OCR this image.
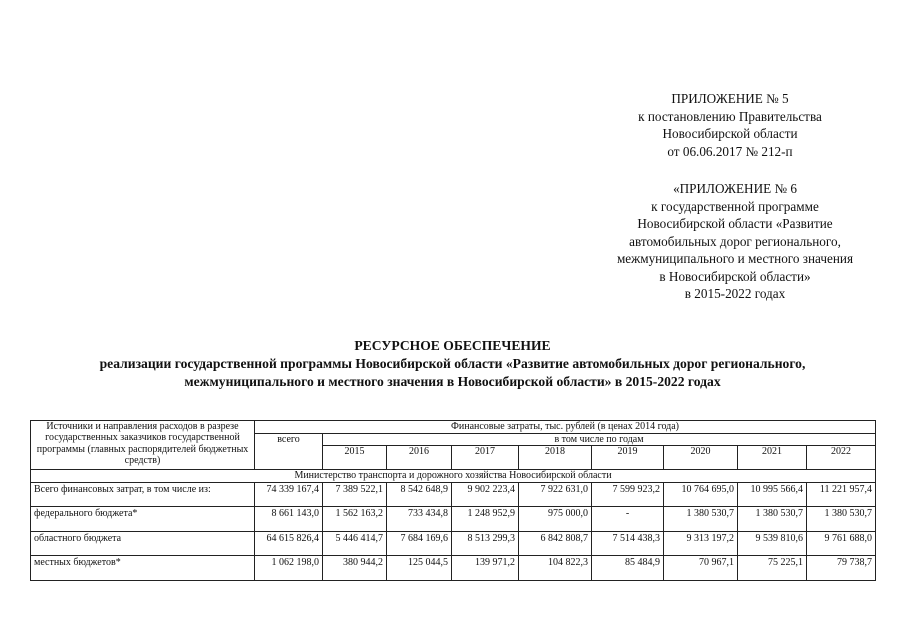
ПРИЛОЖЕНИЕ № 5
к постановлению Правительства
Новосибирской области
от 06.06.2017 № 212-п
«ПРИЛОЖЕНИЕ № 6
к государственной программе
Новосибирской области «Развитие
автомобильных дорог регионального,
межмуниципального и местного значения
в Новосибирской области»
в 2015-2022 годах
РЕСУРСНОЕ ОБЕСПЕЧЕНИЕ
реализации государственной программы Новосибирской области «Развитие автомобильных дорог регионального,
межмуниципального и местного значения в Новосибирской области» в 2015-2022 годах
Источники и направления расходов в разрезе государственных заказчиков государственной программы (главных распорядителей бюджетных средств)	Финансовые затраты, тыс. рублей (в ценах 2014 года)								
	всего	в том числе по годам							
		2015	2016	2017	2018	2019	2020	2021	2022
Министерство транспорта и дорожного хозяйства Новосибирской области									
Всего финансовых затрат, в том числе из:	74 339 167,4	7 389 522,1	8 542 648,9	9 902 223,4	7 922 631,0	7 599 923,2	10 764 695,0	10 995 566,4	11 221 957,4
федерального бюджета*	8 661 143,0	1 562 163,2	733 434,8	1 248 952,9	975 000,0	-	1 380 530,7	1 380 530,7	1 380 530,7
областного бюджета	64 615 826,4	5 446 414,7	7 684 169,6	8 513 299,3	6 842 808,7	7 514 438,3	9 313 197,2	9 539 810,6	9 761 688,0
местных бюджетов*	1 062 198,0	380 944,2	125 044,5	139 971,2	104 822,3	85 484,9	70 967,1	75 225,1	79 738,7
